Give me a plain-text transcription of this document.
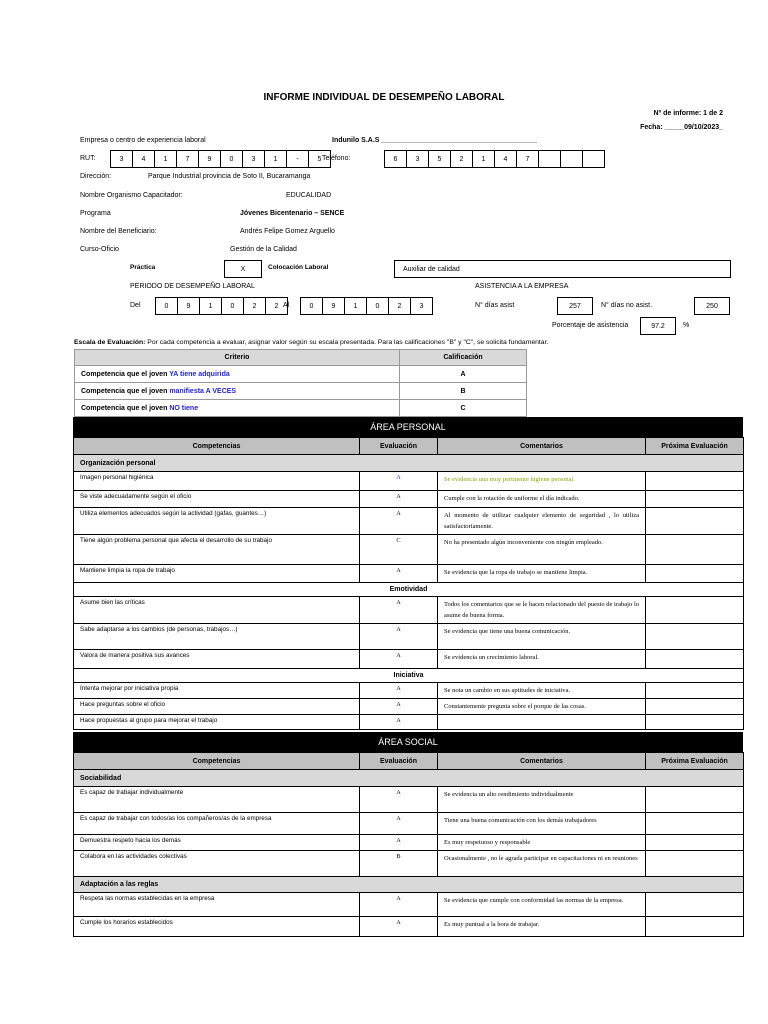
INFORME INDIVIDUAL DE DESEMPEÑO LABORAL
Nº de informe: 1 de 2
Fecha: _____09/10/2023_
Empresa o centro de experiencia laboral	Indunilo S.A.S ________________________________________
RUT:	3	4	1	7	9	0	3	1	-	5 Teléfono:	6	3	5	2	1	4	7
Dirección:	Parque Industrial provincia de Soto II, Bucaramanga
Nombre Organismo Capacitador:	EDUCALIDAD
Programa	Jóvenes Bicentenario – SENCE
Nombre del Beneficiario:	Andrés Felipe Gomez Arguello
Curso-Oficio	Gestión de la Calidad
Práctica	X	Colocación Laboral	Auxiliar de calidad
PERIODO DE DESEMPEÑO LABORAL	ASISTENCIA A LA EMPRESA
Del	0	9	1	0	2	2 Al	0	9	1	0	2	3	N° días asist	257	N° días no asist.	250
Porcentaje de asistencia	97.2	%
Escala de Evaluación: Por cada competencia a evaluar, asignar valor según su escala presentada. Para las calificaciones "B" y "C", se solicita fundamentar.
Criterio	Calificación
Competencia que el joven YA tiene adquirida	A
Competencia que el joven manifiesta A VECES	B
Competencia que el joven NO tiene	C
ÁREA PERSONAL
Competencias	Evaluación	Comentarios	Próxima Evaluación
Organización personal			
Imagen personal higiénica	A	Se evidencia una muy pertinente higiene personal.	
Se viste adecuadamente según el oficio	A	Cumple con la rotación de uniforme el día indicado.	
Utiliza elementos adecuados según la actividad (gafas, guantes…)	A	Al momento de utilizar cualquier elemento de seguridad , lo utiliza satisfactoriamente.	
Tiene algún problema personal que afecta el desarrollo de su trabajo	C	No ha presentado algún inconveniente con ningún empleado.	
Mantiene limpia la ropa de trabajo	A	Se evidencia que la ropa de trabajo se mantiene limpia.	
Emotividad			
Asume bien las críticas	A	Todos los comentarios que se le hacen relacionado del puesto de trabajo lo asume de buena forma.	
Sabe adaptarse a los cambios (de personas, trabajos…)	A	Se evidencia que tiene una buena comunicación.	
Valora de manera positiva sus avances	A	Se evidencia un crecimiento laboral.	
Iniciativa			
Intenta mejorar por iniciativa propia	A	Se nota un cambio en sus aptitudes de iniciativa.	
Hace preguntas sobre el oficio	A	Constantemente pregunta sobre el porque de las cosas.	
Hace propuestas al grupo para mejorar el trabajo	A		
ÁREA SOCIAL
Competencias	Evaluación	Comentarios	Próxima Evaluación
Sociabilidad			
Es capaz de trabajar individualmente	A	Se evidencia un alto rendimiento individualmente	
Es capaz de trabajar con todos/as los compañeros/as de la empresa	A	Tiene una buena comunicación con los demás trabajadores	
Demuestra respeto hacia los demás	A	Es muy respetuoso y responsable	
Colabora en las actividades colectivas	B	Ocasionalmente , no le agrada participar en capacitaciones ni en reuniones	
Adaptación a las reglas			
Respeta las normas establecidas en la empresa	A	Se evidencia que cumple con conformidad las normas de la empresa.	
Cumple los horarios establecidos	A	Es muy puntual a la hora de trabajar.	
